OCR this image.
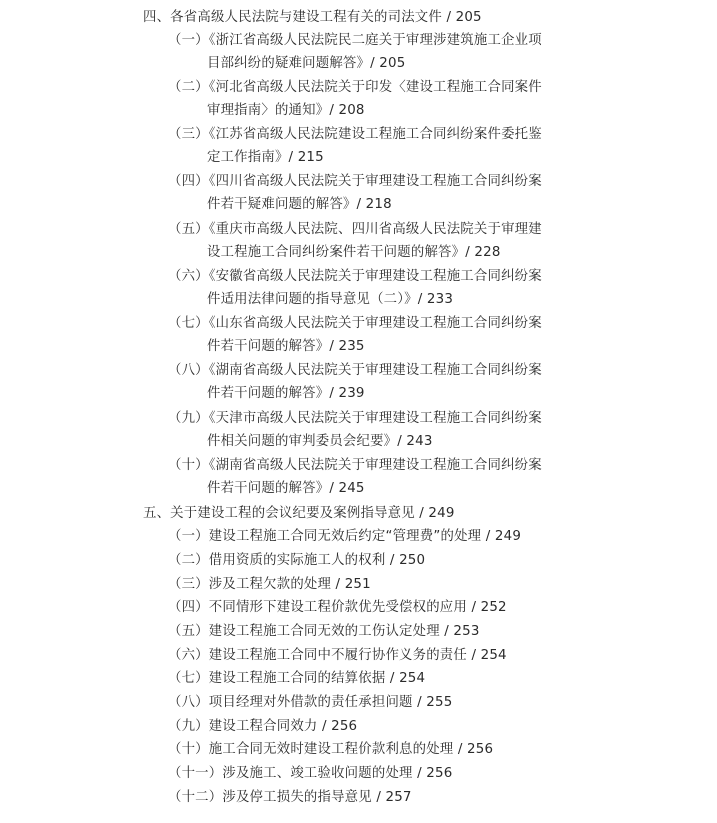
四、各省高级人民法院与建设工程有关的司法文件 / 205
（一）《浙江省高级人民法院民二庭关于审理涉建筑施工企业项
目部纠纷的疑难问题解答》/ 205
（二）《河北省高级人民法院关于印发〈建设工程施工合同案件
审理指南〉的通知》/ 208
（三）《江苏省高级人民法院建设工程施工合同纠纷案件委托鉴
定工作指南》/ 215
（四）《四川省高级人民法院关于审理建设工程施工合同纠纷案
件若干疑难问题的解答》/ 218
（五）《重庆市高级人民法院、四川省高级人民法院关于审理建
设工程施工合同纠纷案件若干问题的解答》/ 228
（六）《安徽省高级人民法院关于审理建设工程施工合同纠纷案
件适用法律问题的指导意见（二）》/ 233
（七）《山东省高级人民法院关于审理建设工程施工合同纠纷案
件若干问题的解答》/ 235
（八）《湖南省高级人民法院关于审理建设工程施工合同纠纷案
件若干问题的解答》/ 239
（九）《天津市高级人民法院关于审理建设工程施工合同纠纷案
件相关问题的审判委员会纪要》/ 243
（十）《湖南省高级人民法院关于审理建设工程施工合同纠纷案
件若干问题的解答》/ 245
五、关于建设工程的会议纪要及案例指导意见 / 249
（一）建设工程施工合同无效后约定“管理费”的处理 / 249
（二）借用资质的实际施工人的权利 / 250
（三）涉及工程欠款的处理 / 251
（四）不同情形下建设工程价款优先受偿权的应用 / 252
（五）建设工程施工合同无效的工伤认定处理 / 253
（六）建设工程施工合同中不履行协作义务的责任 / 254
（七）建设工程施工合同的结算依据 / 254
（八）项目经理对外借款的责任承担问题 / 255
（九）建设工程合同效力 / 256
（十）施工合同无效时建设工程价款利息的处理 / 256
（十一）涉及施工、竣工验收问题的处理 / 256
（十二）涉及停工损失的指导意见 / 257
